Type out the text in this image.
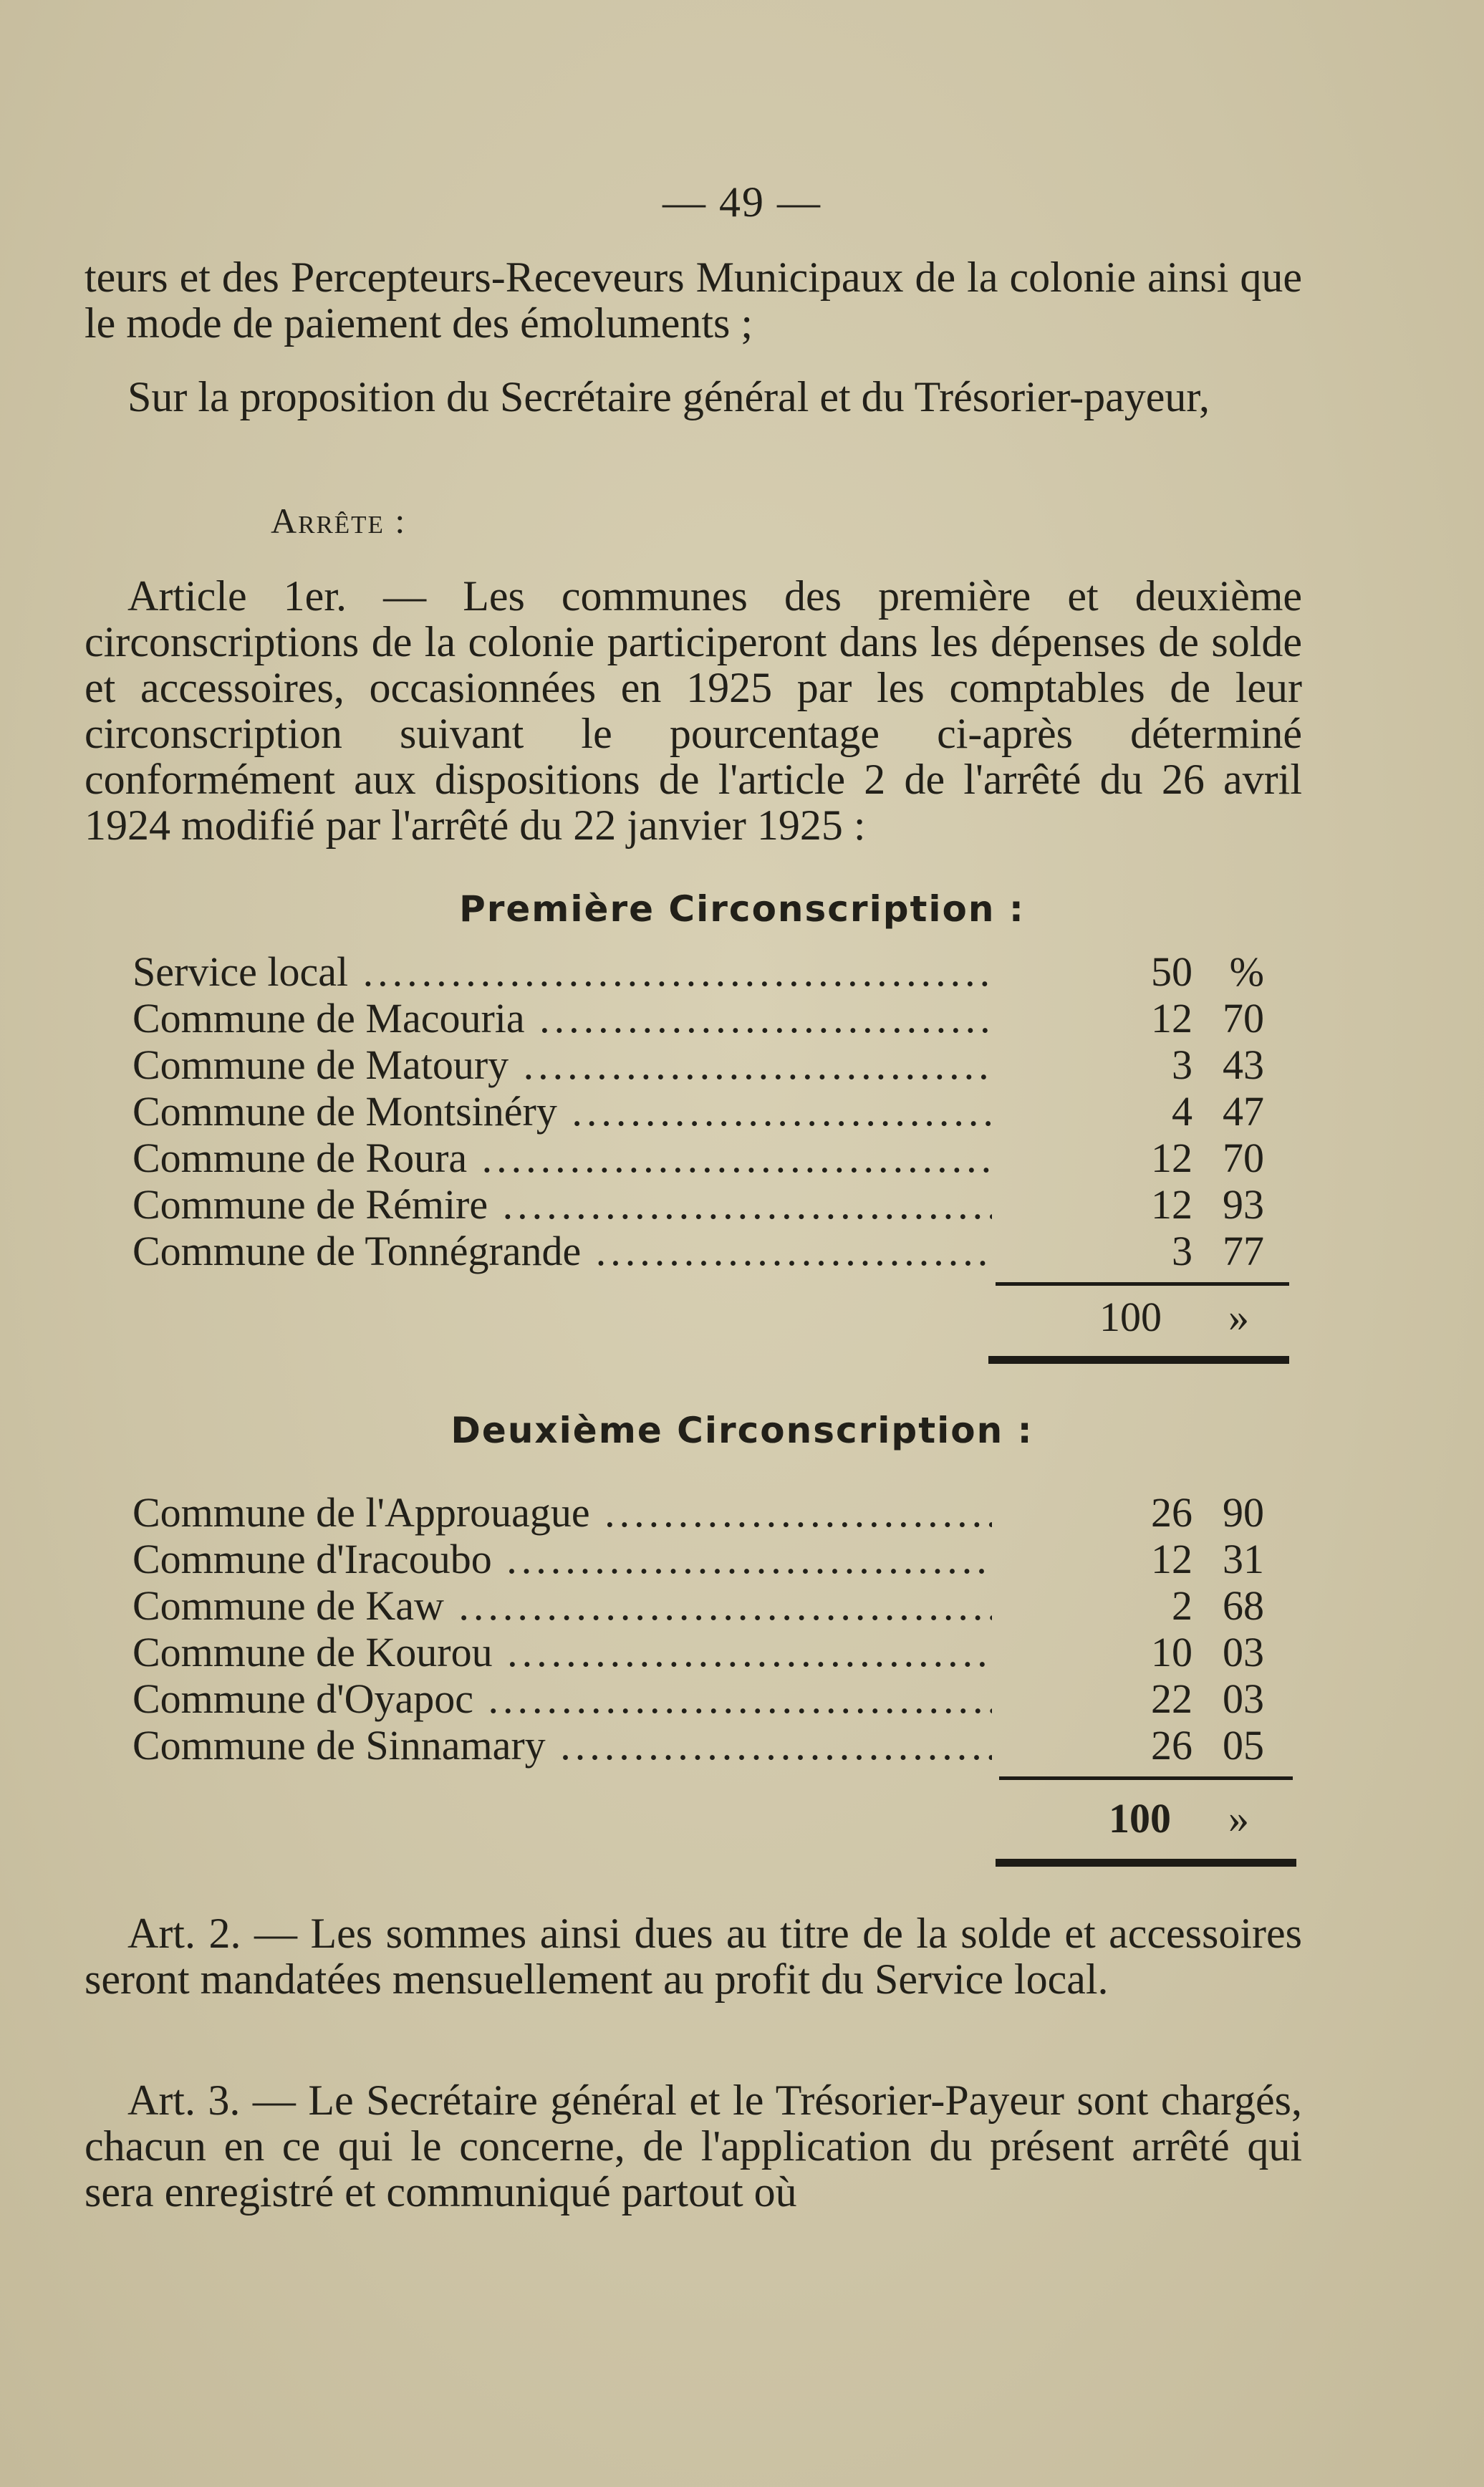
— 49 —
teurs et des Percepteurs-Receveurs Municipaux de la colonie ainsi que le mode de paiement des émoluments ;
Sur la proposition du Secrétaire général et du Trésorier-payeur,
Arrête :
Article 1er. — Les communes des première et deuxième circonscriptions de la colonie participeront dans les dépenses de solde et accessoires, occasionnées en 1925 par les comptables de leur circonscription suivant le pourcentage ci-après déterminé conformément aux dispositions de l'article 2 de l'arrêté du 26 avril 1924 modifié par l'arrêté du 22 janvier 1925 :
Première Circonscription :
Service local .....	50 %
Commune de Macouria .....	12 70
Commune de Matoury .....	3 43
Commune de Montsinéry .....	4 47
Commune de Roura .....	12 70
Commune de Rémire .....	12 93
Commune de Tonnégrande .....	3 77
100 »
Deuxième Circonscription :
Commune de l'Approuague .....	26 90
Commune d'Iracoubo .....	12 31
Commune de Kaw .....	2 68
Commune de Kourou .....	10 03
Commune d'Oyapoc .....	22 03
Commune de Sinnamary .....	26 05
100 »
Art. 2. — Les sommes ainsi dues au titre de la solde et accessoires seront mandatées mensuellement au profit du Service local.
Art. 3. — Le Secrétaire général et le Trésorier-Payeur sont chargés, chacun en ce qui le concerne, de l'application du présent arrêté qui sera enregistré et communiqué partout où
